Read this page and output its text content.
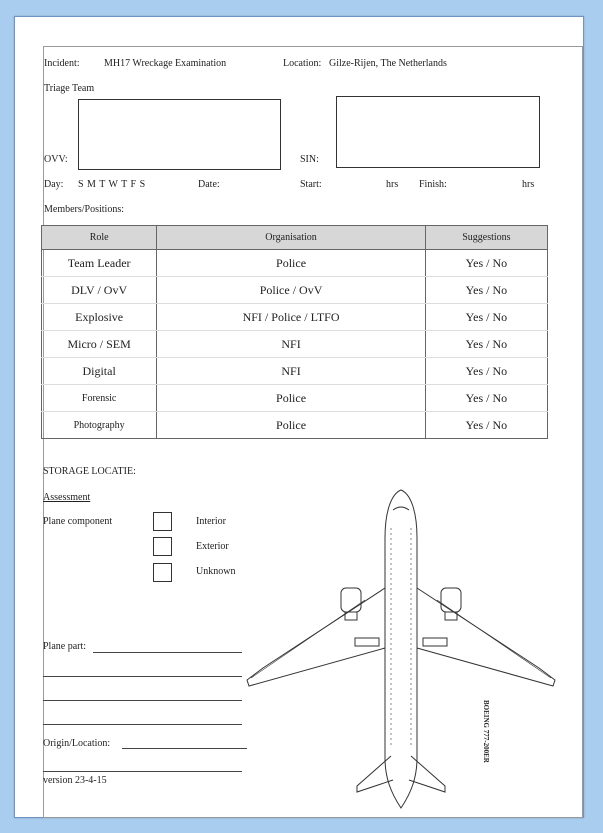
Incident: MH17 Wreckage Examination	Location: Gilze-Rijen, The Netherlands
Triage Team
OVV:	SIN:
Day: S M T W T F S	Date:	Start:	hrs Finish:	hrs
Members/Positions:
Role	Organisation	Suggestions
Team Leader	Police	Yes / No
DLV / OvV	Police / OvV	Yes / No
Explosive	NFI / Police / LTFO	Yes / No
Micro / SEM	NFI	Yes / No
Digital	NFI	Yes / No
Forensic	Police	Yes / No
Photography	Police	Yes / No
STORAGE LOCATIE:
Assessment
Plane component	Interior
Exterior
Unknown
Plane part:
Origin/Location:
version 23-4-15
BOEING 777-200ER
